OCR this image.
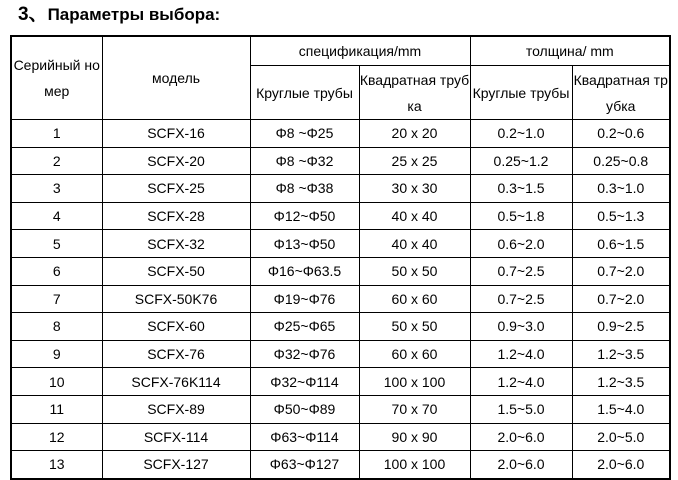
3、Параметры выбора:
Серийный номер	модель	спецификация/mm		толщина/ mm	
		Круглые трубы	Квадратная трубка	Круглые трубы	Квадратная трубка
1	SCFX-16	Φ8 ~Φ25	20 x 20	0.2~1.0	0.2~0.6
2	SCFX-20	Φ8 ~Φ32	25 x 25	0.25~1.2	0.25~0.8
3	SCFX-25	Φ8 ~Φ38	30 x 30	0.3~1.5	0.3~1.0
4	SCFX-28	Φ12~Φ50	40 x 40	0.5~1.8	0.5~1.3
5	SCFX-32	Φ13~Φ50	40 x 40	0.6~2.0	0.6~1.5
6	SCFX-50	Φ16~Φ63.5	50 x 50	0.7~2.5	0.7~2.0
7	SCFX-50K76	Φ19~Φ76	60 x 60	0.7~2.5	0.7~2.0
8	SCFX-60	Φ25~Φ65	50 x 50	0.9~3.0	0.9~2.5
9	SCFX-76	Φ32~Φ76	60 x 60	1.2~4.0	1.2~3.5
10	SCFX-76K114	Φ32~Φ114	100 x 100	1.2~4.0	1.2~3.5
11	SCFX-89	Φ50~Φ89	70 x 70	1.5~5.0	1.5~4.0
12	SCFX-114	Φ63~Φ114	90 x 90	2.0~6.0	2.0~5.0
13	SCFX-127	Φ63~Φ127	100 x 100	2.0~6.0	2.0~6.0
